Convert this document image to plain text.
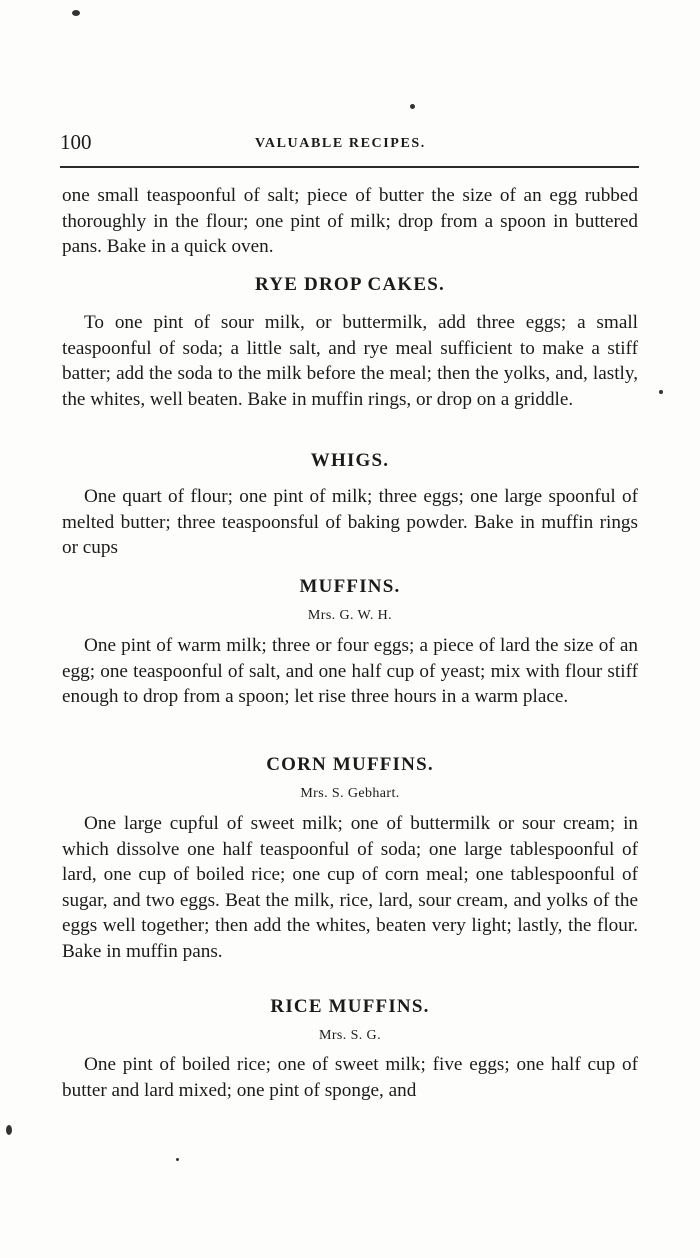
100	VALUABLE RECIPES.

one small teaspoonful of salt; piece of butter the size of an egg rubbed thoroughly in the flour; one pint of milk; drop from a spoon in buttered pans. Bake in a quick oven.

RYE DROP CAKES.

To one pint of sour milk, or buttermilk, add three eggs; a small teaspoonful of soda; a little salt, and rye meal sufficient to make a stiff batter; add the soda to the milk before the meal; then the yolks, and, lastly, the whites, well beaten. Bake in muffin rings, or drop on a griddle.

WHIGS.

One quart of flour; one pint of milk; three eggs; one large spoonful of melted butter; three teaspoonsful of baking powder. Bake in muffin rings or cups

MUFFINS.

Mrs. G. W. H.

One pint of warm milk; three or four eggs; a piece of lard the size of an egg; one teaspoonful of salt, and one half cup of yeast; mix with flour stiff enough to drop from a spoon; let rise three hours in a warm place.

CORN MUFFINS.

Mrs. S. Gebhart.

One large cupful of sweet milk; one of buttermilk or sour cream; in which dissolve one half teaspoonful of soda; one large tablespoonful of lard, one cup of boiled rice; one cup of corn meal; one tablespoonful of sugar, and two eggs. Beat the milk, rice, lard, sour cream, and yolks of the eggs well together; then add the whites, beaten very light; lastly, the flour. Bake in muffin pans.

RICE MUFFINS.

Mrs. S. G.

One pint of boiled rice; one of sweet milk; five eggs; one half cup of butter and lard mixed; one pint of sponge, and
